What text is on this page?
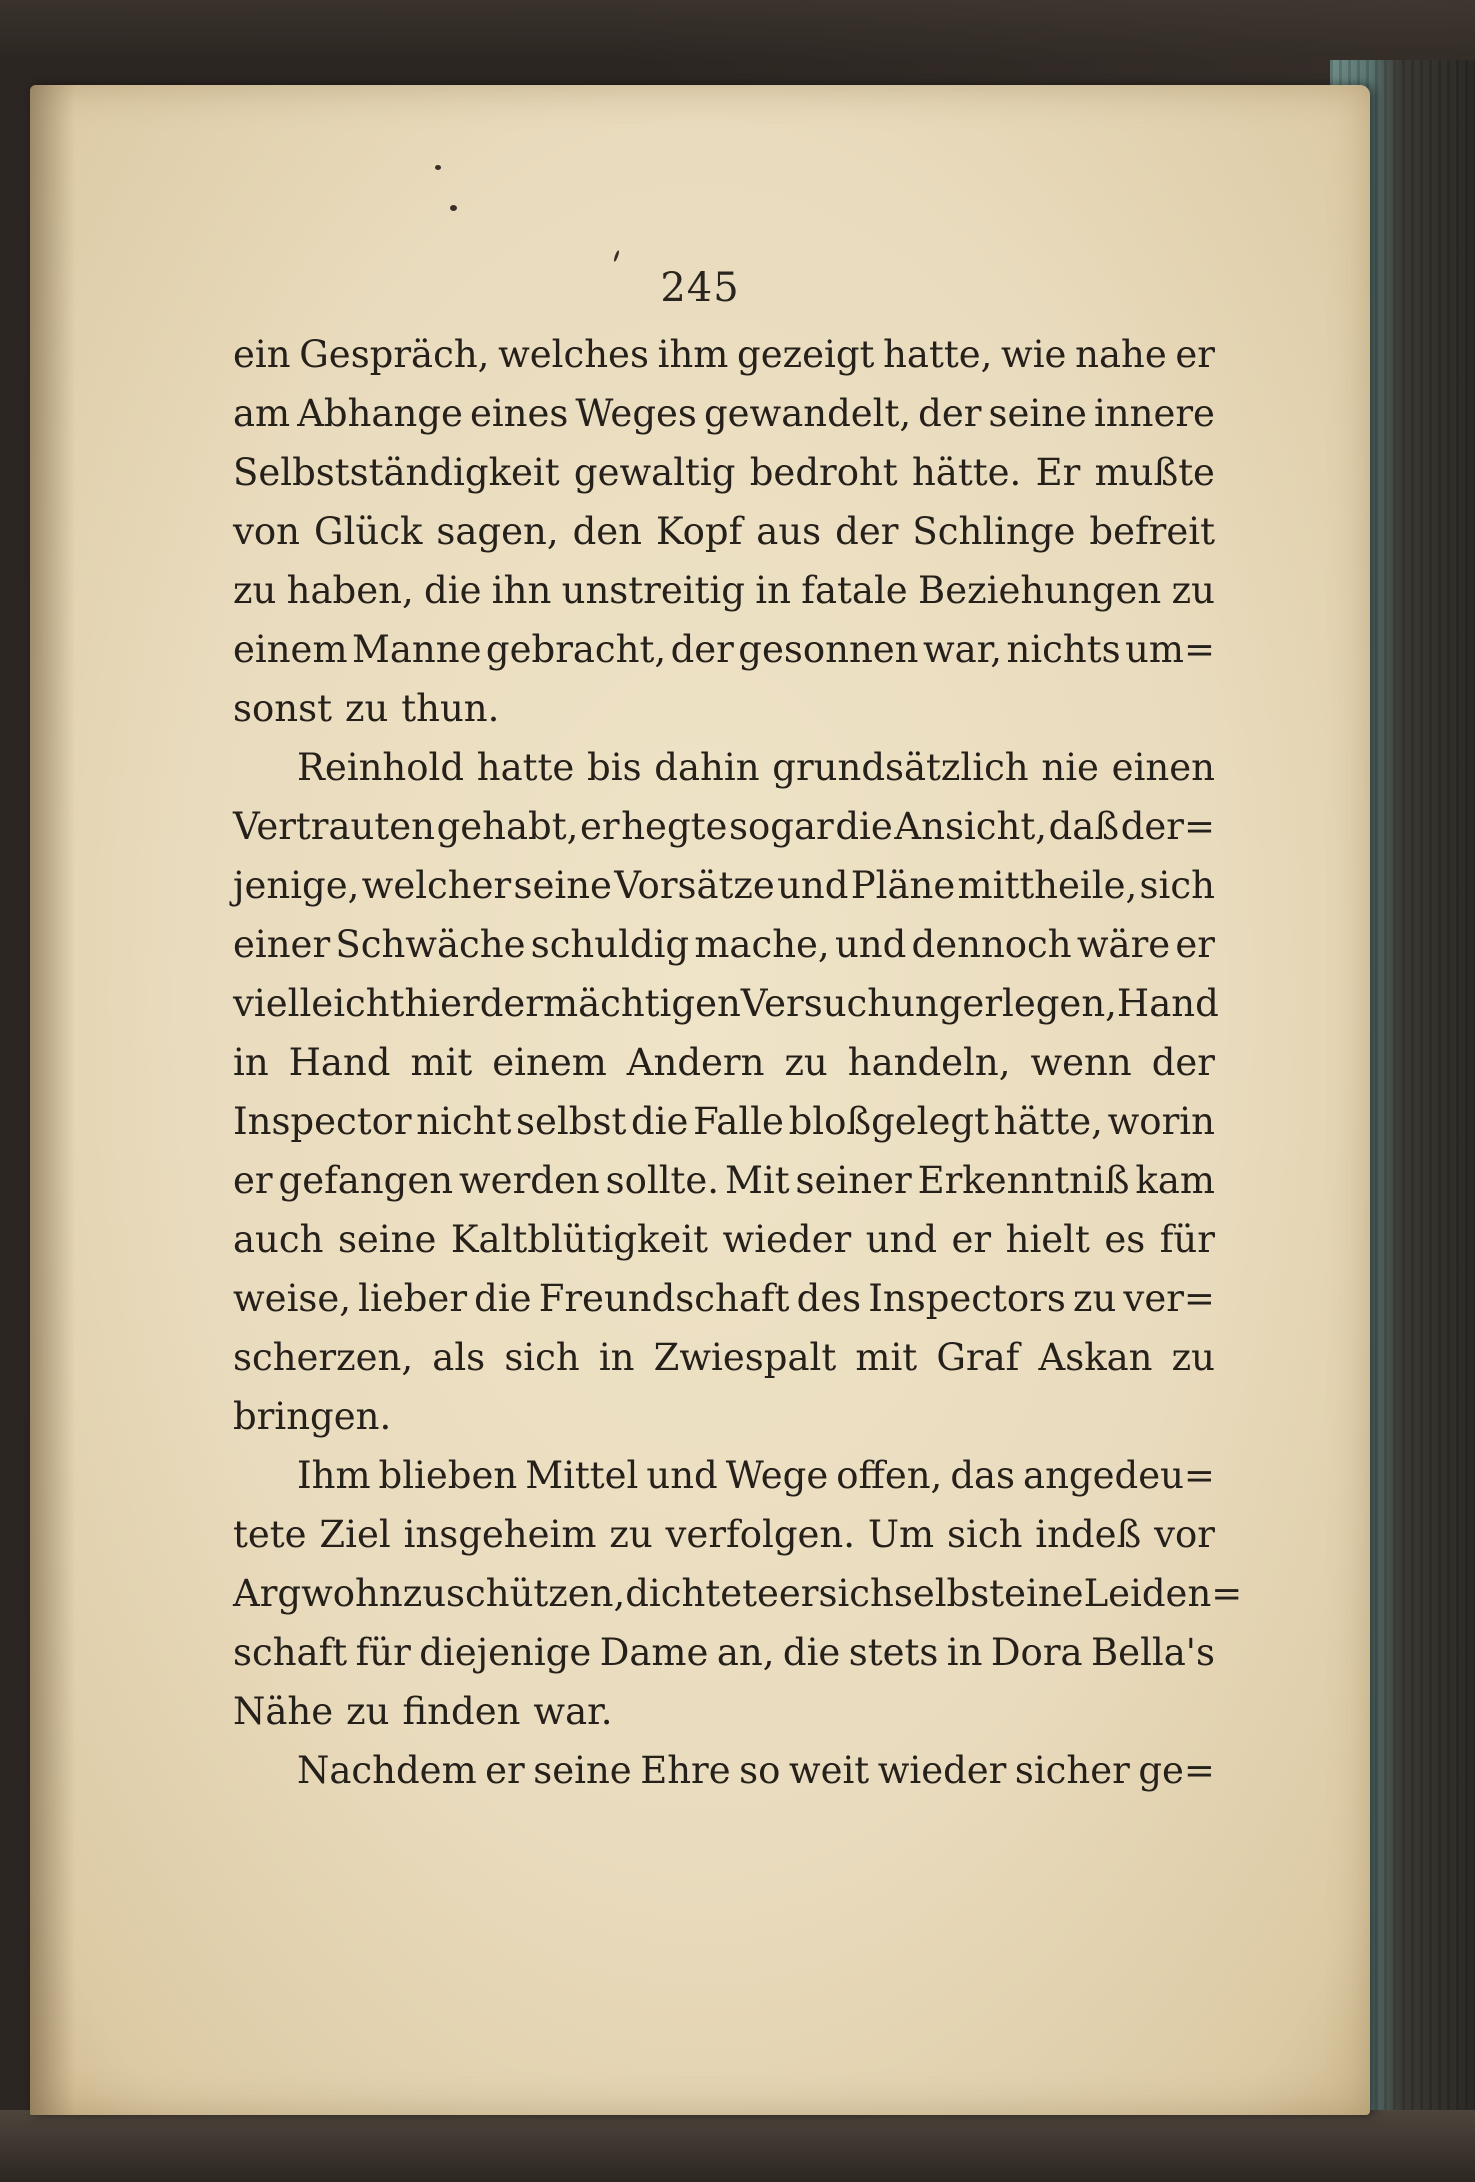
245
ein Gespräch, welches ihm gezeigt hatte, wie nahe er
am Abhange eines Weges gewandelt, der seine innere
Selbstständigkeit gewaltig bedroht hätte. Er mußte
von Glück sagen, den Kopf aus der Schlinge befreit
zu haben, die ihn unstreitig in fatale Beziehungen zu
einem Manne gebracht, der gesonnen war, nichts um=
sonst zu thun.
Reinhold hatte bis dahin grundsätzlich nie einen
Vertrauten gehabt, er hegte sogar die Ansicht, daß der=
jenige, welcher seine Vorsätze und Pläne mittheile, sich
einer Schwäche schuldig mache, und dennoch wäre er
vielleicht hier der mächtigen Versuchung erlegen, Hand
in Hand mit einem Andern zu handeln, wenn der
Inspector nicht selbst die Falle bloßgelegt hätte, worin
er gefangen werden sollte. Mit seiner Erkenntniß kam
auch seine Kaltblütigkeit wieder und er hielt es für
weise, lieber die Freundschaft des Inspectors zu ver=
scherzen, als sich in Zwiespalt mit Graf Askan zu
bringen.
Ihm blieben Mittel und Wege offen, das angedeu=
tete Ziel insgeheim zu verfolgen. Um sich indeß vor
Argwohn zu schützen, dichtete er sich selbst eine Leiden=
schaft für diejenige Dame an, die stets in Dora Bella's
Nähe zu finden war.
Nachdem er seine Ehre so weit wieder sicher ge=
